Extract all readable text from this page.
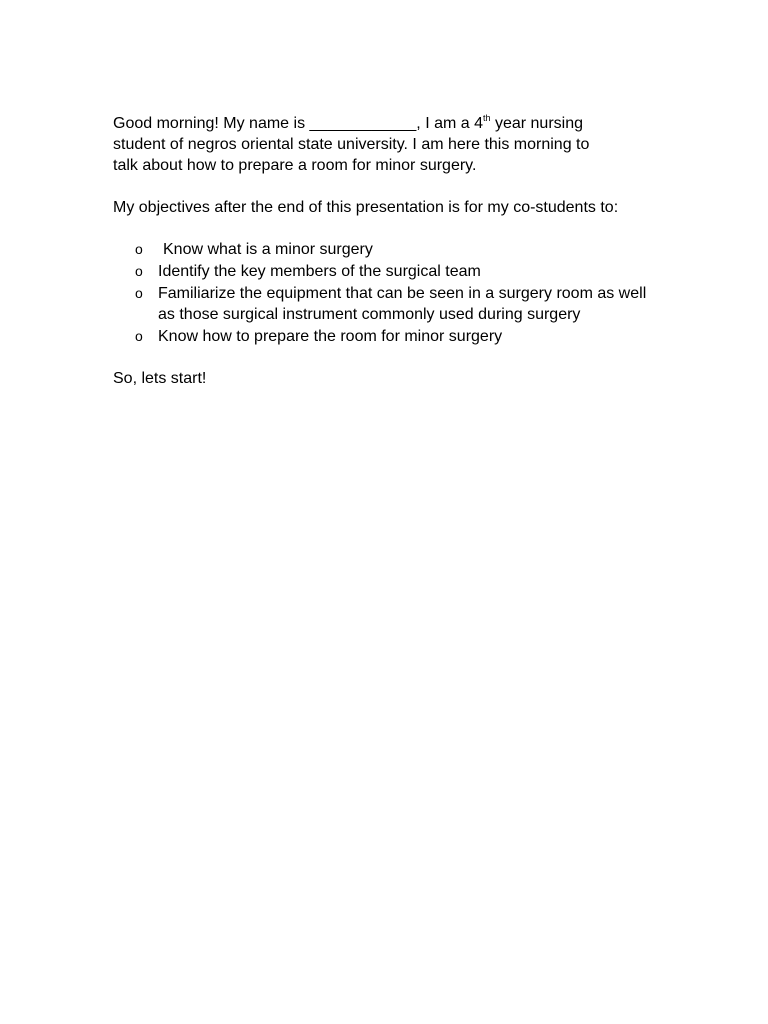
Good morning! My name is ____________, I am a 4th year nursing
student of negros oriental state university. I am here this morning to
talk about how to prepare a room for minor surgery.

My objectives after the end of this presentation is for my co-students to:

o Know what is a minor surgery
o Identify the key members of the surgical team
o Familiarize the equipment that can be seen in a surgery room as well as those surgical instrument commonly used during surgery
o Know how to prepare the room for minor surgery

So, lets start!
